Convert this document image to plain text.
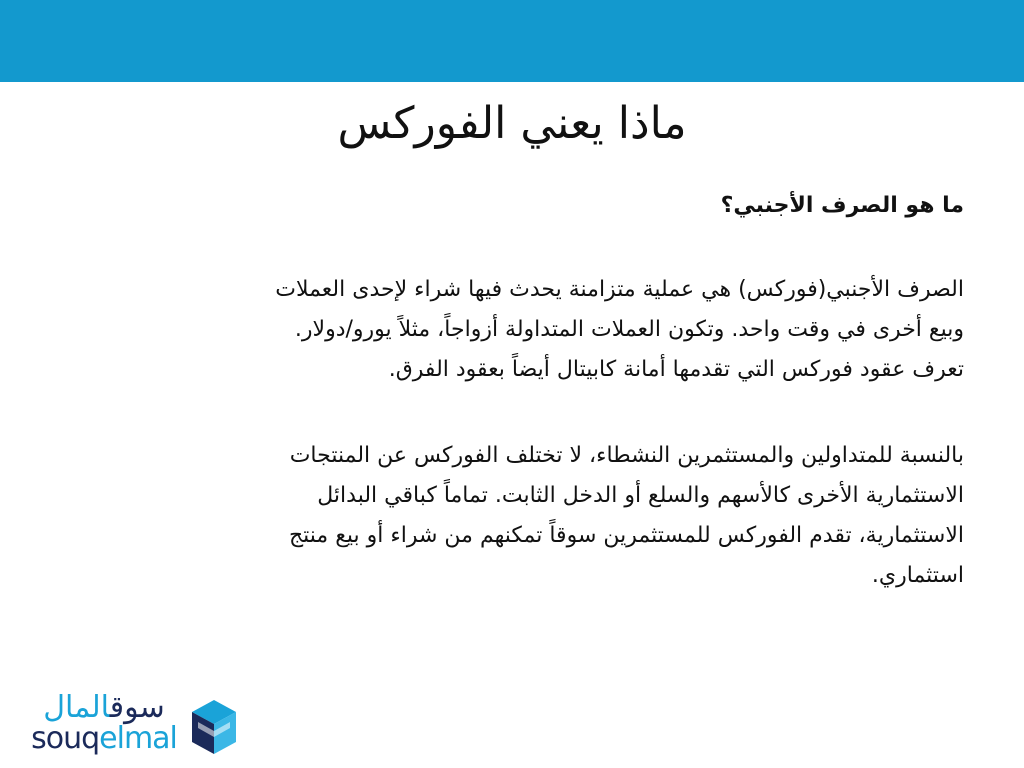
ماذا يعني الفوركس

ما هو الصرف الأجنبي؟

الصرف الأجنبي(فوركس) هي عملية متزامنة يحدث فيها شراء لإحدى العملات
وبيع أخرى في وقت واحد. وتكون العملات المتداولة أزواجاً، مثلاً يورو/دولار.
تعرف عقود فوركس التي تقدمها أمانة كابيتال أيضاً بعقود الفرق.

بالنسبة للمتداولين والمستثمرين النشطاء، لا تختلف الفوركس عن المنتجات
الاستثمارية الأخرى كالأسهم والسلع أو الدخل الثابت. تماماً كباقي البدائل
الاستثمارية، تقدم الفوركس للمستثمرين سوقاً تمكنهم من شراء أو بيع منتج
استثماري.

سوقالمال
souqelmal
